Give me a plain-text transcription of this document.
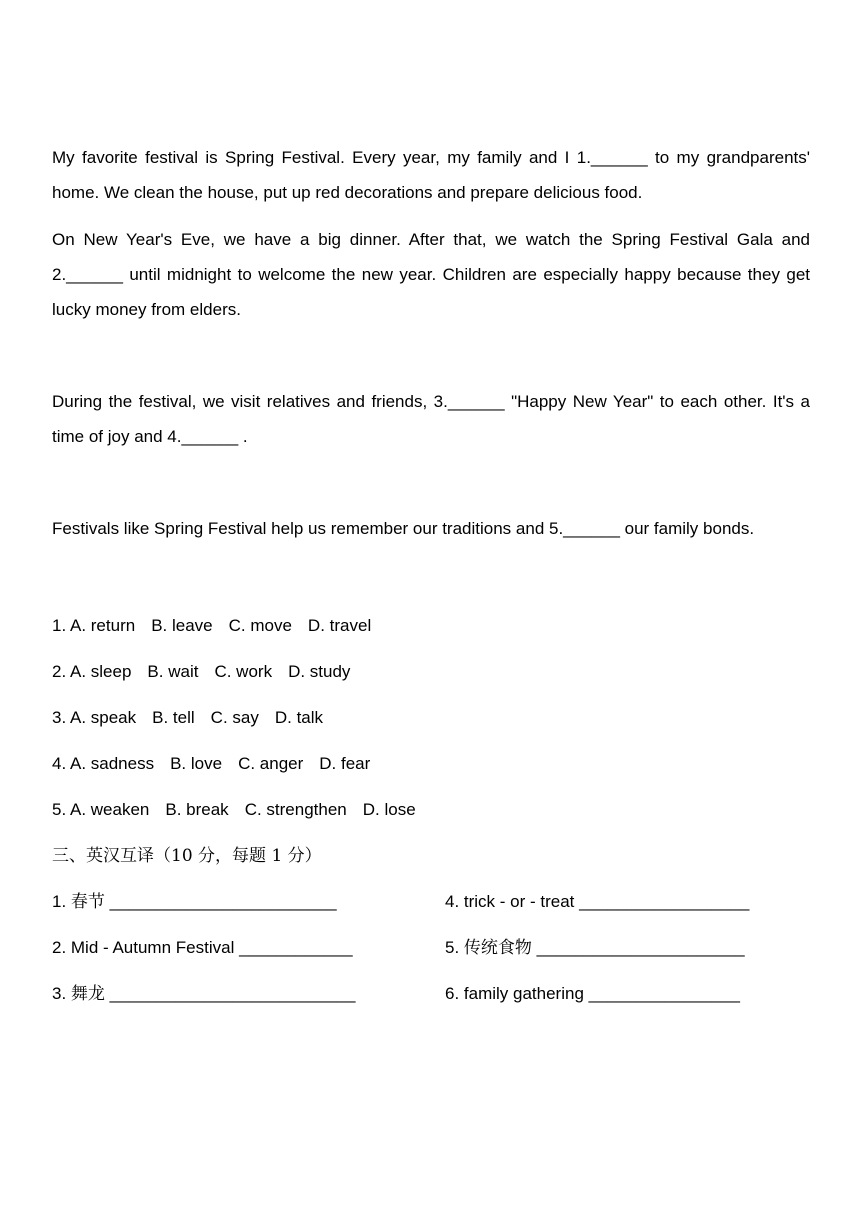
My favorite festival is Spring Festival. Every year, my family and I 1.______ to my grandparents' home. We clean the house, put up red decorations and prepare delicious food.

On New Year's Eve, we have a big dinner. After that, we watch the Spring Festival Gala and 2.______ until midnight to welcome the new year. Children are especially happy because they get lucky money from elders.

During the festival, we visit relatives and friends, 3.______ "Happy New Year" to each other. It's a time of joy and 4.______ .

Festivals like Spring Festival help us remember our traditions and 5.______ our family bonds.

1. A. return B. leave C. move D. travel
2. A. sleep B. wait C. work D. study
3. A. speak B. tell C. say D. talk
4. A. sadness B. love C. anger D. fear
5. A. weaken B. break C. strengthen D. lose
三、英汉互译（10 分，每题 1 分）
1. 春节 ________________________	4. trick - or - treat __________________
2. Mid - Autumn Festival ____________	5. 传统食物 ______________________
3. 舞龙 __________________________	6. family gathering ________________
